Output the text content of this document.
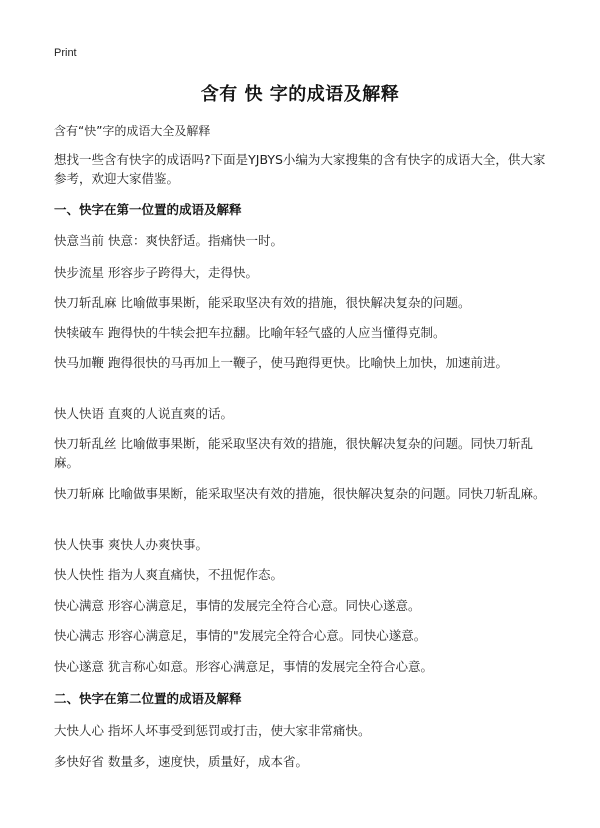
Print
含有 快 字的成语及解释
含有“快”字的成语大全及解释
想找一些含有快字的成语吗?下面是YJBYS小编为大家搜集的含有快字的成语大全，供大家参考，欢迎大家借鉴。
一、快字在第一位置的成语及解释
快意当前 快意：爽快舒适。指痛快一时。
快步流星 形容步子跨得大，走得快。
快刀斩乱麻 比喻做事果断，能采取坚决有效的措施，很快解决复杂的问题。
快犊破车 跑得快的牛犊会把车拉翻。比喻年轻气盛的人应当懂得克制。
快马加鞭 跑得很快的马再加上一鞭子，使马跑得更快。比喻快上加快，加速前进。
快人快语 直爽的人说直爽的话。
快刀斩乱丝 比喻做事果断，能采取坚决有效的措施，很快解决复杂的问题。同快刀斩乱麻。
快刀斩麻 比喻做事果断，能采取坚决有效的措施，很快解决复杂的问题。同快刀斩乱麻。
快人快事 爽快人办爽快事。
快人快性 指为人爽直痛快，不扭怩作态。
快心满意 形容心满意足，事情的发展完全符合心意。同快心遂意。
快心满志 形容心满意足，事情的"发展完全符合心意。同快心遂意。
快心遂意 犹言称心如意。形容心满意足，事情的发展完全符合心意。
二、快字在第二位置的成语及解释
大快人心 指坏人坏事受到惩罚或打击，使大家非常痛快。
多快好省 数量多，速度快，质量好，成本省。
